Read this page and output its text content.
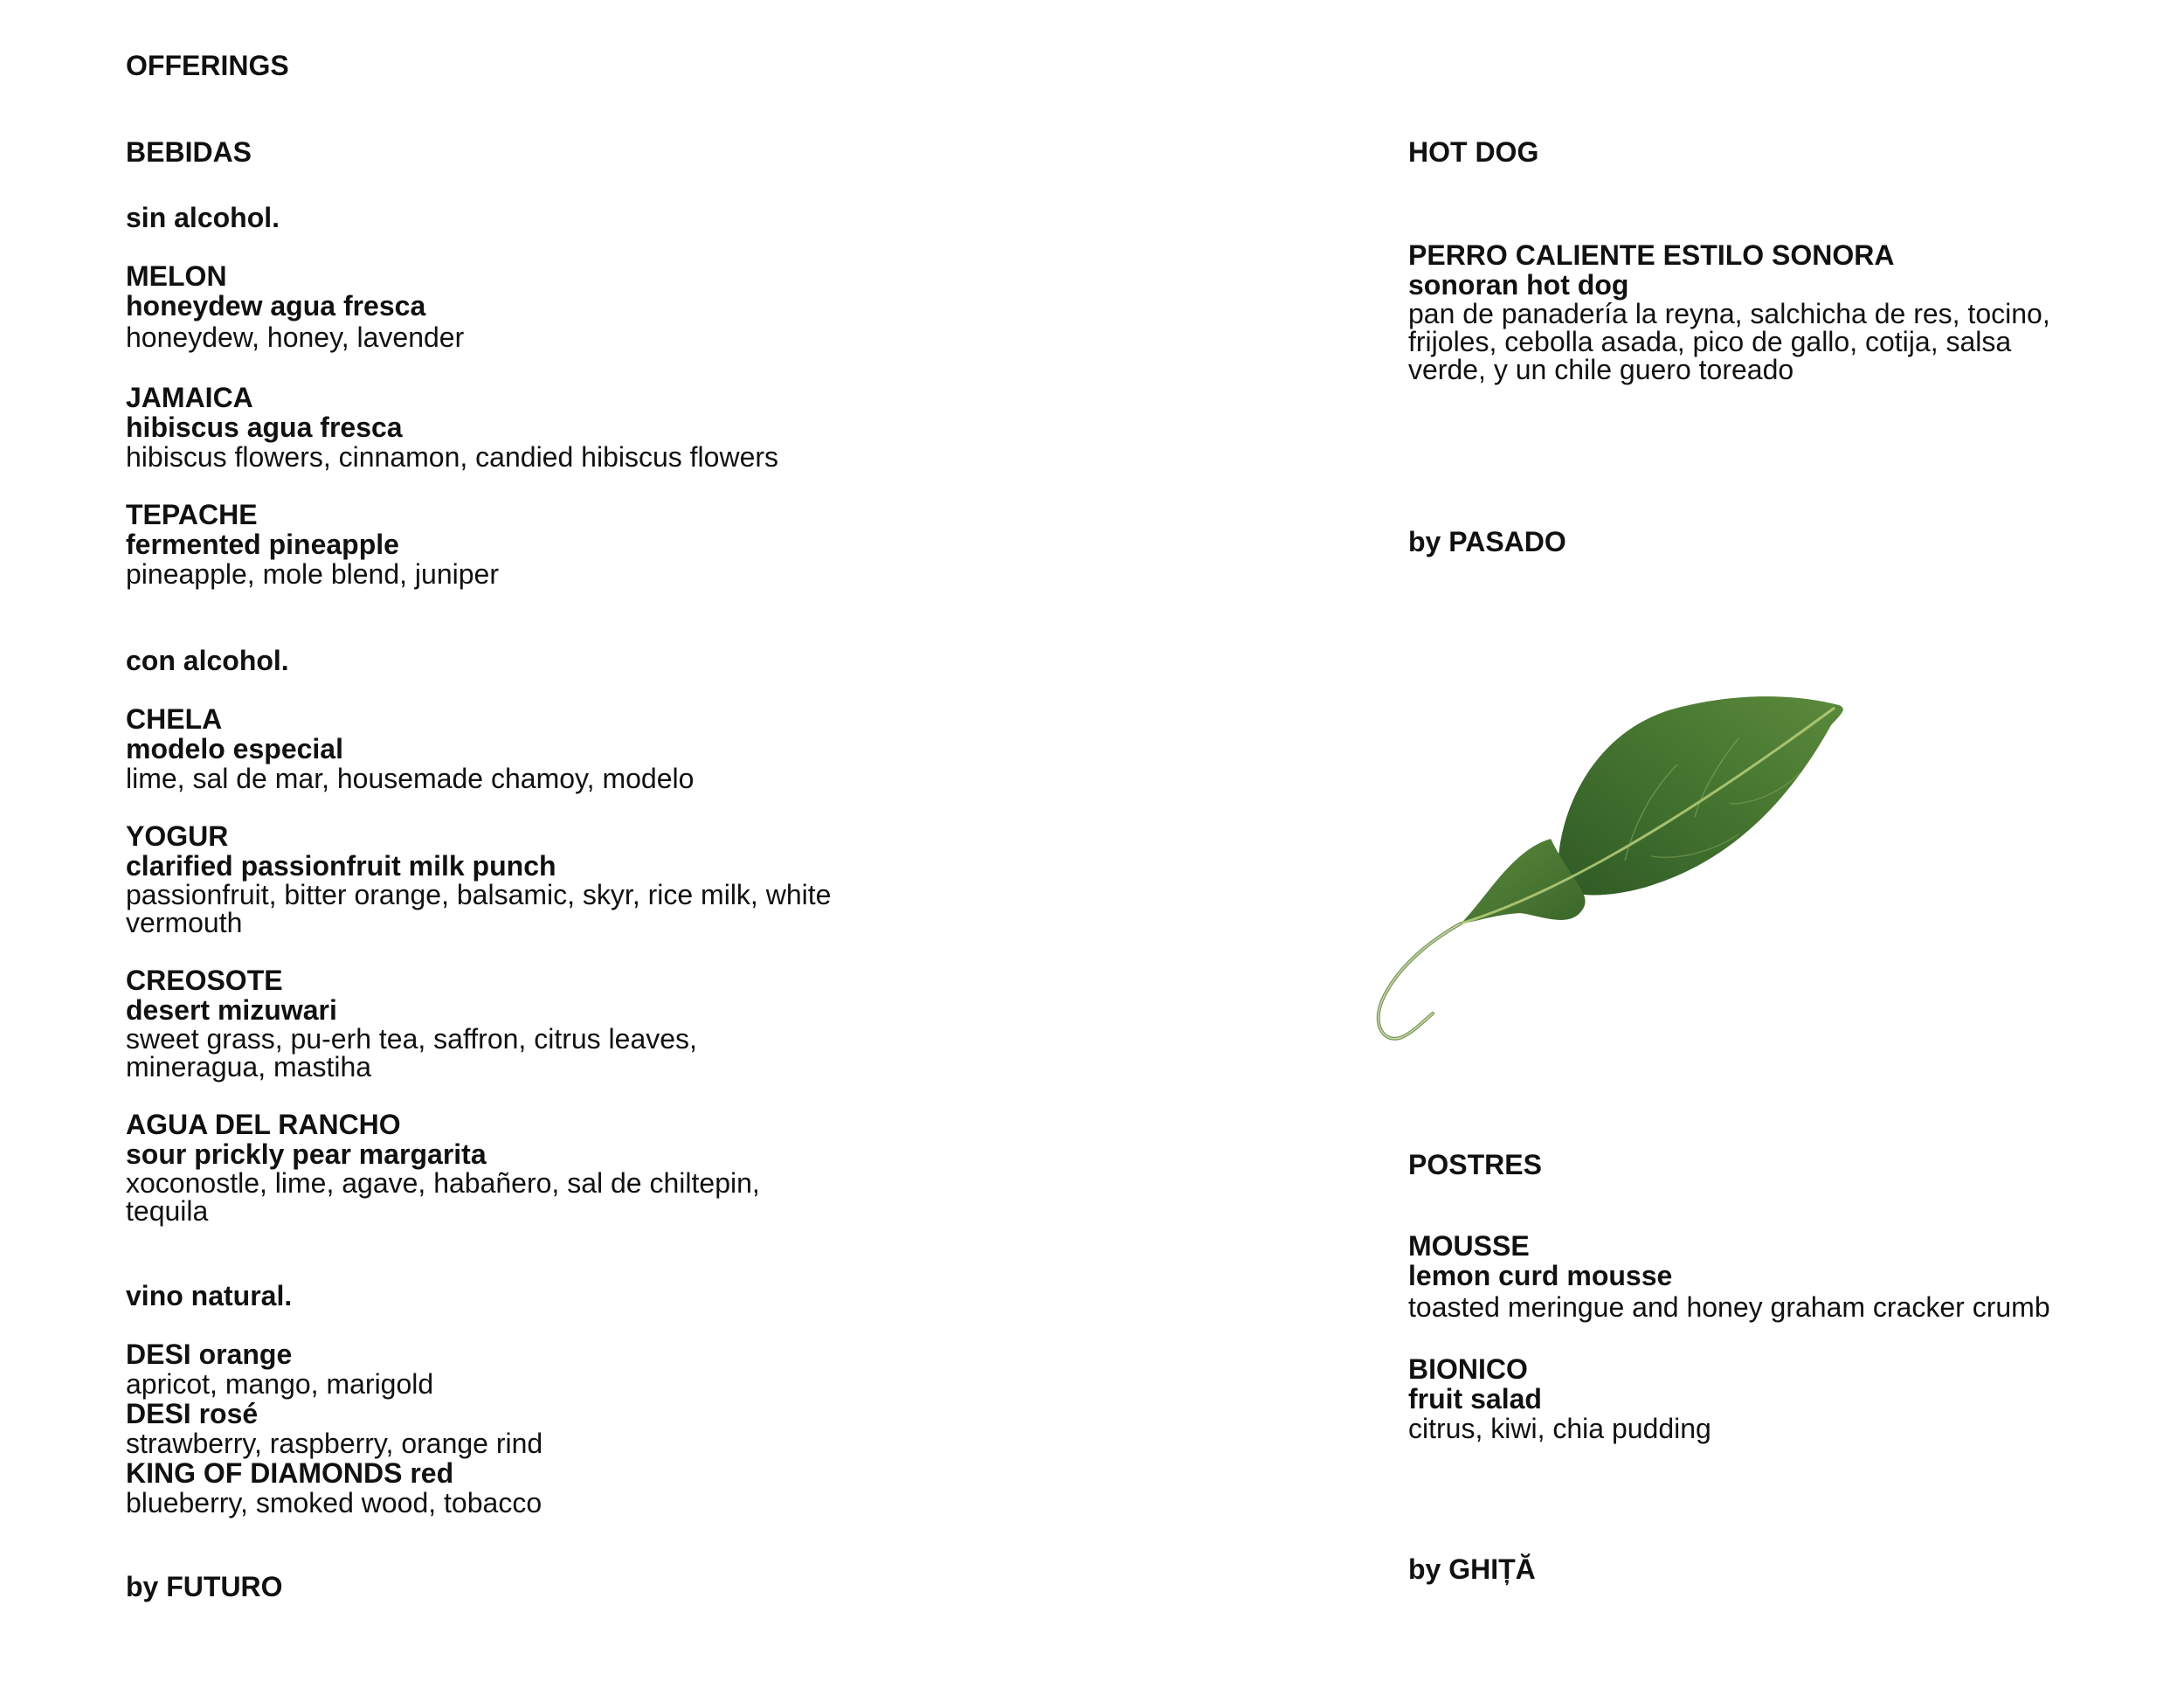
OFFERINGS
BEBIDAS
sin alcohol.
MELON
honeydew agua fresca
honeydew, honey, lavender
JAMAICA
hibiscus agua fresca
hibiscus flowers, cinnamon, candied hibiscus flowers
TEPACHE
fermented pineapple
pineapple, mole blend, juniper
con alcohol.
CHELA
modelo especial
lime, sal de mar, housemade chamoy, modelo
YOGUR
clarified passionfruit milk punch
passionfruit, bitter orange, balsamic, skyr, rice milk, white vermouth
CREOSOTE
desert mizuwari
sweet grass, pu-erh tea, saffron, citrus leaves, mineragua, mastiha
AGUA DEL RANCHO
sour prickly pear margarita
xoconostle, lime, agave, habañero, sal de chiltepin, tequila
vino natural.
DESI orange
apricot, mango, marigold
DESI rosé
strawberry, raspberry, orange rind
KING OF DIAMONDS red
blueberry, smoked wood, tobacco
by FUTURO
HOT DOG
PERRO CALIENTE ESTILO SONORA
sonoran hot dog
pan de panadería la reyna, salchicha de res, tocino, frijoles, cebolla asada, pico de gallo, cotija, salsa verde, y un chile guero toreado
by PASADO
POSTRES
MOUSSE
lemon curd mousse
toasted meringue and honey graham cracker crumb
BIONICO
fruit salad
citrus, kiwi, chia pudding
by GHIȚĂ
